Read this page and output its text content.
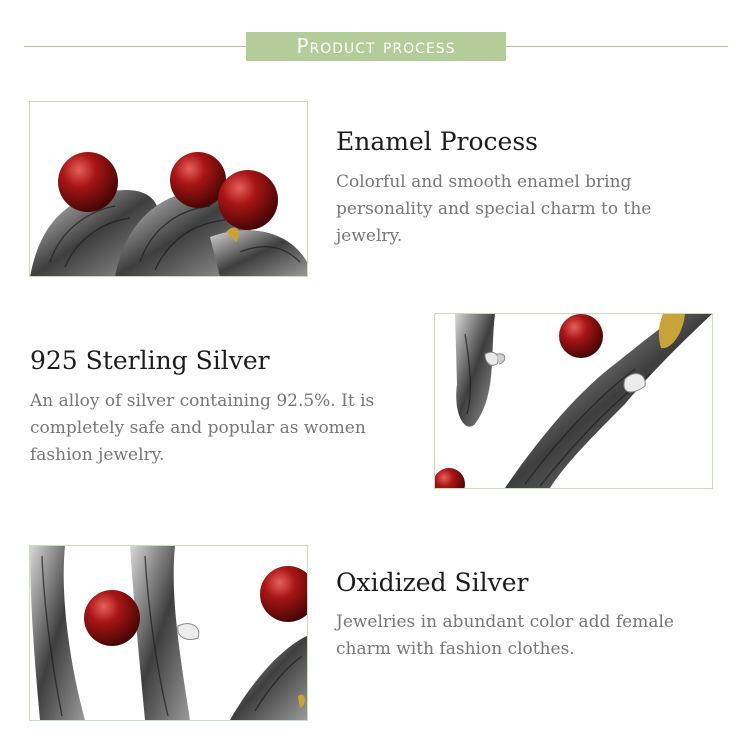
Product process
Enamel Process
Colorful and smooth enamel bring personality and special charm to the jewelry.
925 Sterling Silver
An alloy of silver containing 92.5%. It is completely safe and popular as women fashion jewelry.
Oxidized Silver
Jewelries in abundant color add female charm with fashion clothes.
